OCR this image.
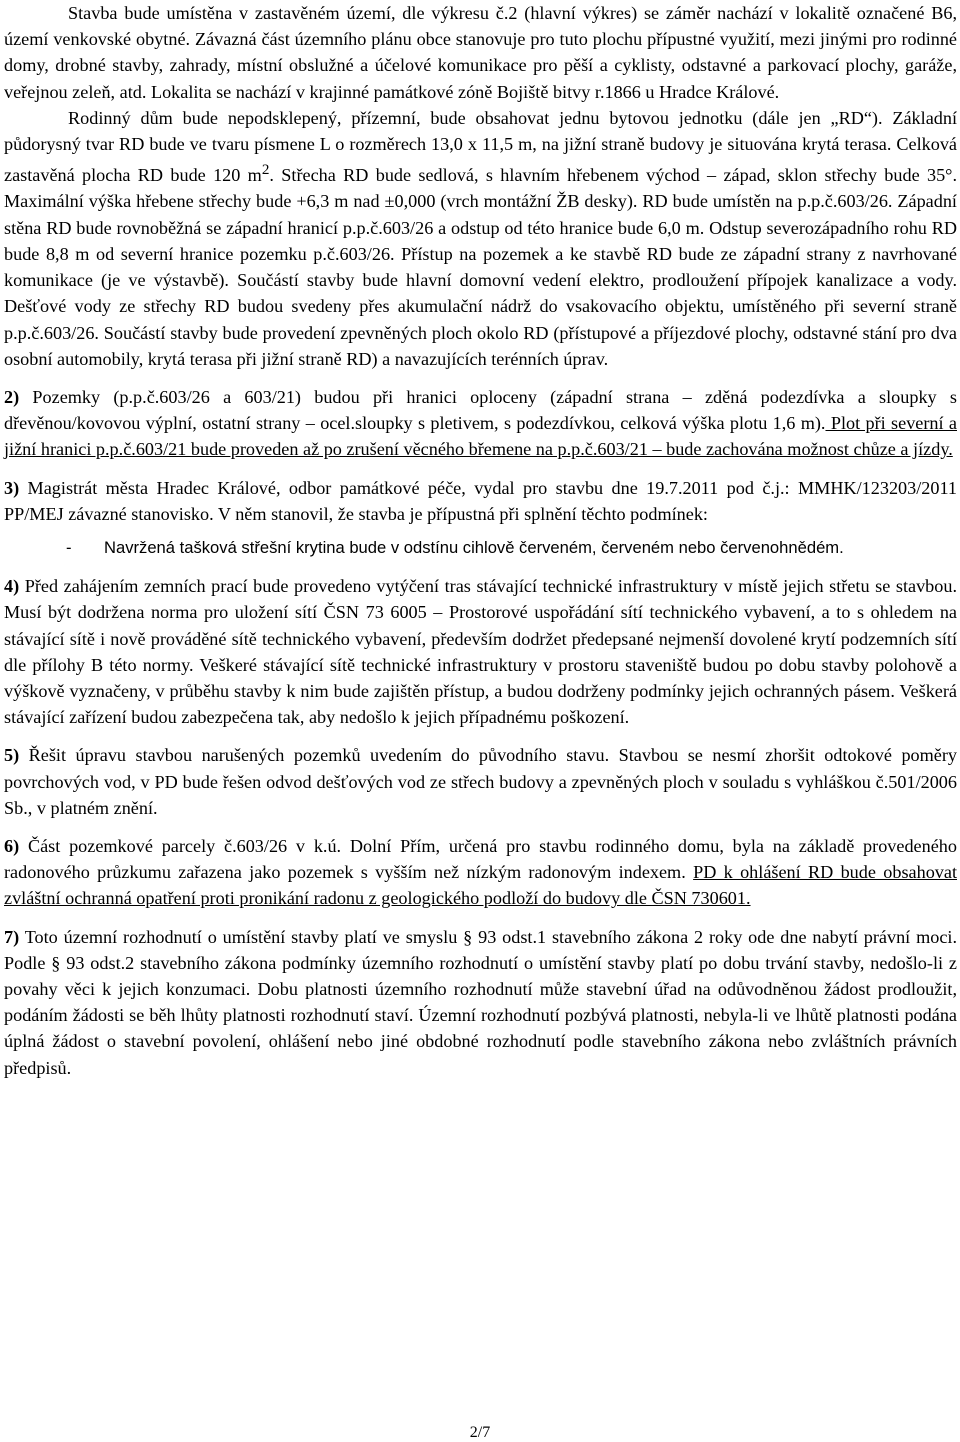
Stavba bude umístěna v zastavěném území, dle výkresu č.2 (hlavní výkres) se záměr nachází v lokalitě označené B6, území venkovské obytné. Závazná část územního plánu obce stanovuje pro tuto plochu přípustné využití, mezi jinými pro rodinné domy, drobné stavby, zahrady, místní obslužné a účelové komunikace pro pěší a cyklisty, odstavné a parkovací plochy, garáže, veřejnou zeleň, atd. Lokalita se nachází v krajinné památkové zóně Bojiště bitvy r.1866 u Hradce Králové.

Rodinný dům bude nepodsklepený, přízemní, bude obsahovat jednu bytovou jednotku (dále jen „RD“). Základní půdorysný tvar RD bude ve tvaru písmene L o rozměrech 13,0 x 11,5 m, na jižní straně budovy je situována krytá terasa. Celková zastavěná plocha RD bude 120 $m^2$. Střecha RD bude sedlová, s hlavním hřebenem východ – západ, sklon střechy bude 35°. Maximální výška hřebene střechy bude +6,3 m nad ±0,000 (vrch montážní ŽB desky). RD bude umístěn na p.p.č.603/26. Západní stěna RD bude rovnoběžná se západní hranicí p.p.č.603/26 a odstup od této hranice bude 6,0 m. Odstup severozápadního rohu RD bude 8,8 m od severní hranice pozemku p.č.603/26. Přístup na pozemek a ke stavbě RD bude ze západní strany z navrhované komunikace (je ve výstavbě). Součástí stavby bude hlavní domovní vedení elektro, prodloužení přípojek kanalizace a vody. Dešťové vody ze střechy RD budou svedeny přes akumulační nádrž do vsakovacího objektu, umístěného při severní straně p.p.č.603/26. Součástí stavby bude provedení zpevněných ploch okolo RD (přístupové a příjezdové plochy, odstavné stání pro dva osobní automobily, krytá terasa při jižní straně RD) a navazujících terénních úprav.

2) Pozemky (p.p.č.603/26 a 603/21) budou při hranici oploceny (západní strana – zděná podezdívka a sloupky s dřevěnou/kovovou výplní, ostatní strany – ocel.sloupky s pletivem, s podezdívkou, celková výška plotu 1,6 m). Plot při severní a jižní hranici p.p.č.603/21 bude proveden až po zrušení věcného břemene na p.p.č.603/21 – bude zachována možnost chůze a jízdy.

3) Magistrát města Hradec Králové, odbor památkové péče, vydal pro stavbu dne 19.7.2011 pod č.j.: MMHK/123203/2011 PP/MEJ závazné stanovisko. V něm stanovil, že stavba je přípustná při splnění těchto podmínek:

-	Navržená tašková střešní krytina bude v odstínu cihlově červeném, červeném nebo červenohnědém.

4) Před zahájením zemních prací bude provedeno vytýčení tras stávající technické infrastruktury v místě jejich střetu se stavbou. Musí být dodržena norma pro uložení sítí ČSN 73 6005 – Prostorové uspořádání sítí technického vybavení, a to s ohledem na stávající sítě i nově prováděné sítě technického vybavení, především dodržet předepsané nejmenší dovolené krytí podzemních sítí dle přílohy B této normy. Veškeré stávající sítě technické infrastruktury v prostoru staveniště budou po dobu stavby polohově a výškově vyznačeny, v průběhu stavby k nim bude zajištěn přístup, a budou dodrženy podmínky jejich ochranných pásem. Veškerá stávající zařízení budou zabezpečena tak, aby nedošlo k jejich případnému poškození.

5) Řešit úpravu stavbou narušených pozemků uvedením do původního stavu. Stavbou se nesmí zhoršit odtokové poměry povrchových vod, v PD bude řešen odvod dešťových vod ze střech budovy a zpevněných ploch v souladu s vyhláškou č.501/2006 Sb., v platném znění.

6) Část pozemkové parcely č.603/26 v k.ú. Dolní Přím, určená pro stavbu rodinného domu, byla na základě provedeného radonového průzkumu zařazena jako pozemek s vyšším než nízkým radonovým indexem. PD k ohlášení RD bude obsahovat zvláštní ochranná opatření proti pronikání radonu z geologického podloží do budovy dle ČSN 730601.

7) Toto územní rozhodnutí o umístění stavby platí ve smyslu § 93 odst.1 stavebního zákona 2 roky ode dne nabytí právní moci. Podle § 93 odst.2 stavebního zákona podmínky územního rozhodnutí o umístění stavby platí po dobu trvání stavby, nedošlo-li z povahy věci k jejich konzumaci. Dobu platnosti územního rozhodnutí může stavební úřad na odůvodněnou žádost prodloužit, podáním žádosti se běh lhůty platnosti rozhodnutí staví. Územní rozhodnutí pozbývá platnosti, nebyla-li ve lhůtě platnosti podána úplná žádost o stavební povolení, ohlášení nebo jiné obdobné rozhodnutí podle stavebního zákona nebo zvláštních právních předpisů.

2/7
